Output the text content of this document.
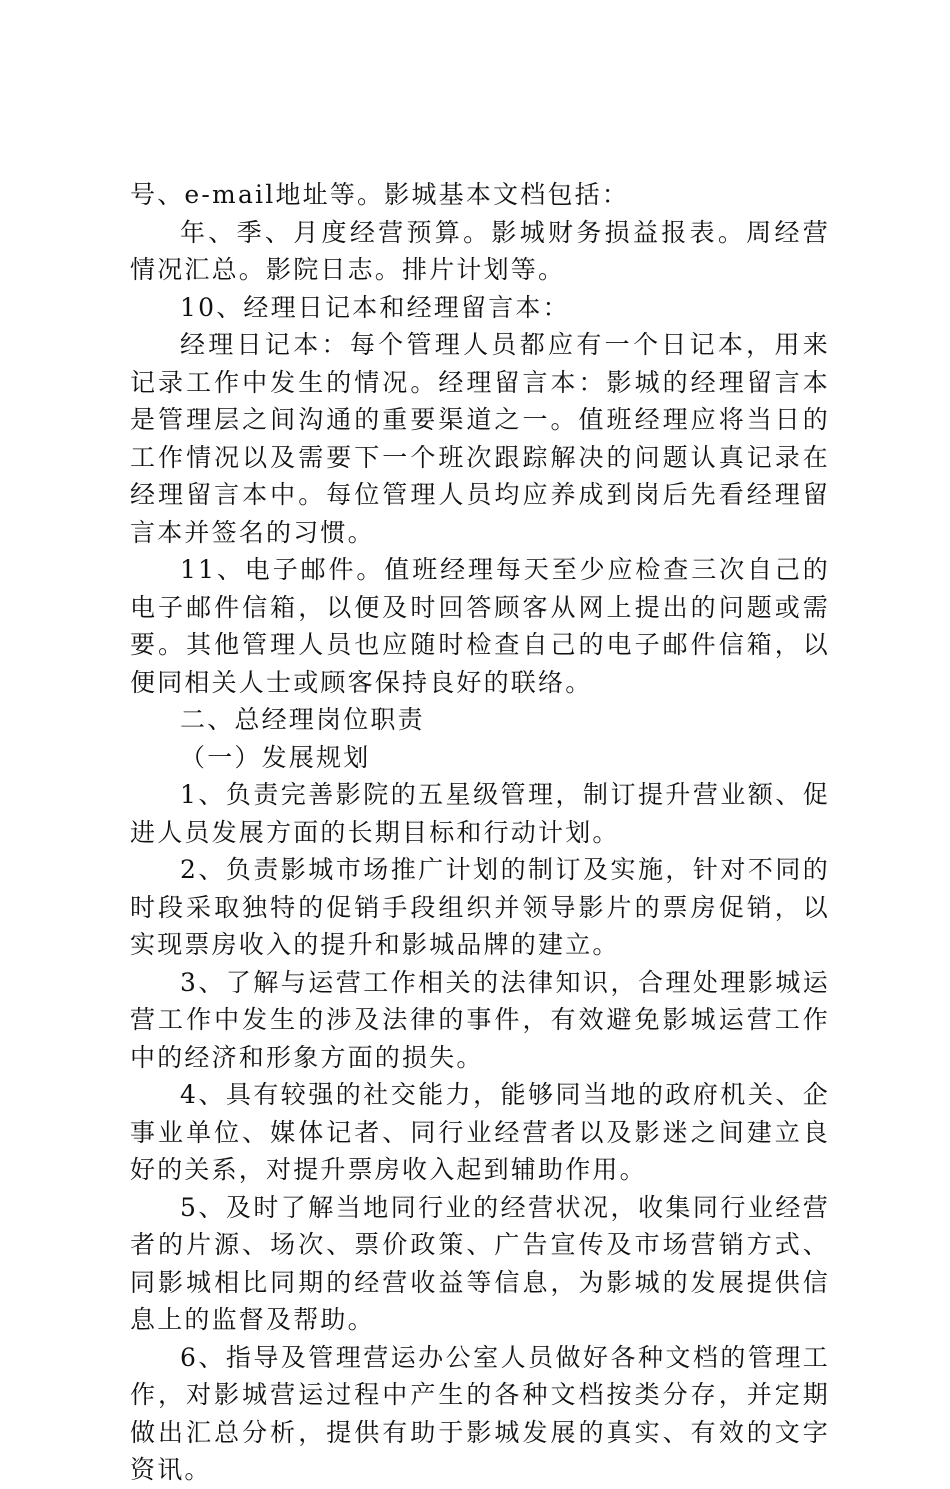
号、e-mail地址等。影城基本文档包括：

年、季、月度经营预算。影城财务损益报表。周经营情况汇总。影院日志。排片计划等。

10、经理日记本和经理留言本：

经理日记本：每个管理人员都应有一个日记本，用来记录工作中发生的情况。经理留言本：影城的经理留言本是管理层之间沟通的重要渠道之一。值班经理应将当日的工作情况以及需要下一个班次跟踪解决的问题认真记录在经理留言本中。每位管理人员均应养成到岗后先看经理留言本并签名的习惯。

11、电子邮件。值班经理每天至少应检查三次自己的电子邮件信箱，以便及时回答顾客从网上提出的问题或需要。其他管理人员也应随时检查自己的电子邮件信箱，以便同相关人士或顾客保持良好的联络。

二、总经理岗位职责

（一）发展规划

1、负责完善影院的五星级管理，制订提升营业额、促进人员发展方面的长期目标和行动计划。

2、负责影城市场推广计划的制订及实施，针对不同的时段采取独特的促销手段组织并领导影片的票房促销，以实现票房收入的提升和影城品牌的建立。

3、了解与运营工作相关的法律知识，合理处理影城运营工作中发生的涉及法律的事件，有效避免影城运营工作中的经济和形象方面的损失。

4、具有较强的社交能力，能够同当地的政府机关、企事业单位、媒体记者、同行业经营者以及影迷之间建立良好的关系，对提升票房收入起到辅助作用。

5、及时了解当地同行业的经营状况，收集同行业经营者的片源、场次、票价政策、广告宣传及市场营销方式、同影城相比同期的经营收益等信息，为影城的发展提供信息上的监督及帮助。

6、指导及管理营运办公室人员做好各种文档的管理工作，对影城营运过程中产生的各种文档按类分存，并定期做出汇总分析，提供有助于影城发展的真实、有效的文字资讯。
